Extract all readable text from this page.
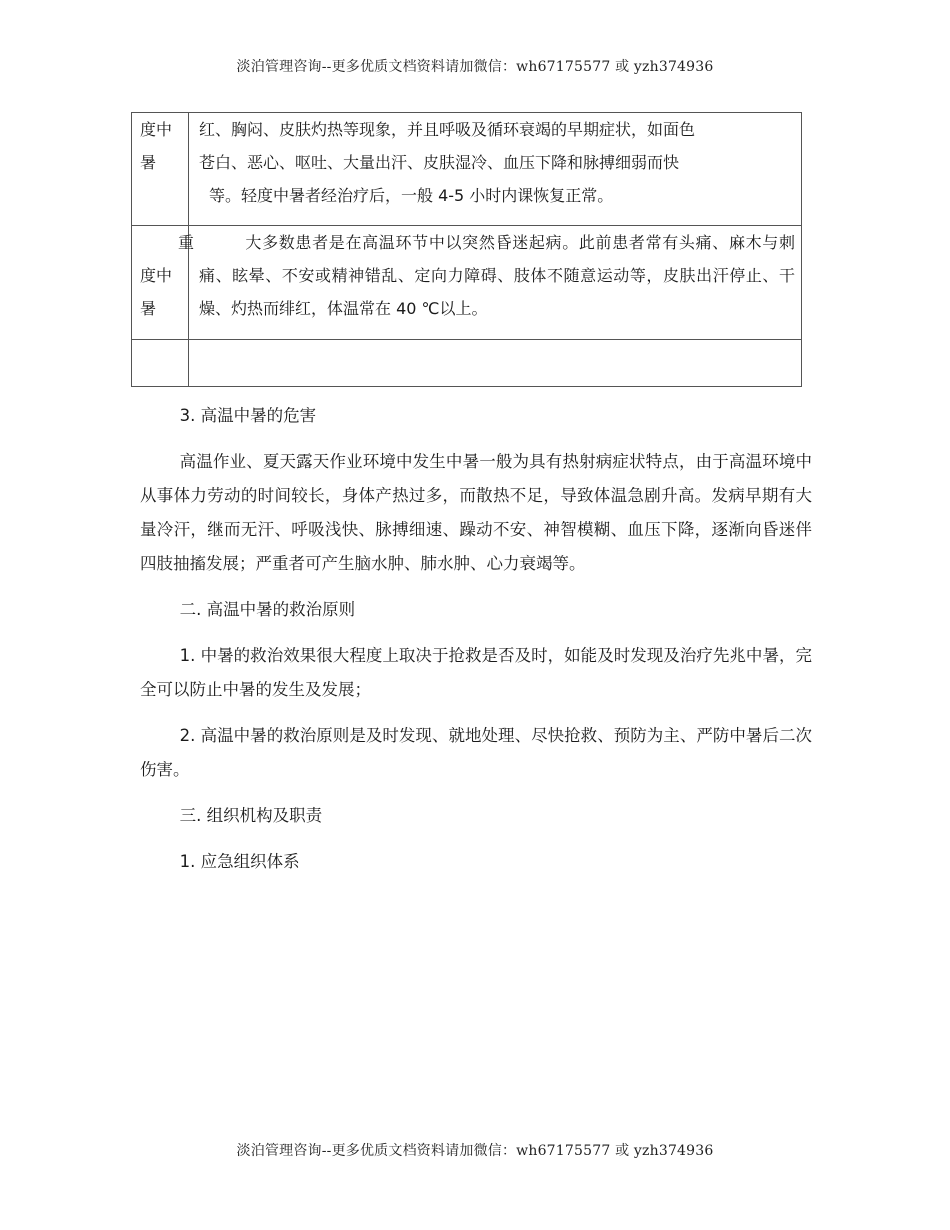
淡泊管理咨询--更多优质文档资料请加微信：wh67175577 或 yzh374936
度中
暑	红、胸闷、皮肤灼热等现象，并且呼吸及循环衰竭的早期症状，如面色
苍白、恶心、呕吐、大量出汗、皮肤湿冷、血压下降和脉搏细弱而快
等。轻度中暑者经治疗后，一般 4-5 小时内课恢复正常。

重
度中
暑	大多数患者是在高温环节中以突然昏迷起病。此前患者常有头痛、麻木与刺痛、眩晕、不安或精神错乱、定向力障碍、肢体不随意运动等，皮肤出汗停止、干燥、灼热而绯红，体温常在 40 ℃以上。

3. 高温中暑的危害

高温作业、夏天露天作业环境中发生中暑一般为具有热射病症状特点，由于高温环境中从事体力劳动的时间较长，身体产热过多，而散热不足，导致体温急剧升高。发病早期有大量冷汗，继而无汗、呼吸浅快、脉搏细速、躁动不安、神智模糊、血压下降，逐渐向昏迷伴四肢抽搐发展；严重者可产生脑水肿、肺水肿、心力衰竭等。

二. 高温中暑的救治原则

1. 中暑的救治效果很大程度上取决于抢救是否及时，如能及时发现及治疗先兆中暑，完全可以防止中暑的发生及发展；

2. 高温中暑的救治原则是及时发现、就地处理、尽快抢救、预防为主、严防中暑后二次伤害。

三. 组织机构及职责

1. 应急组织体系

淡泊管理咨询--更多优质文档资料请加微信：wh67175577 或 yzh374936
